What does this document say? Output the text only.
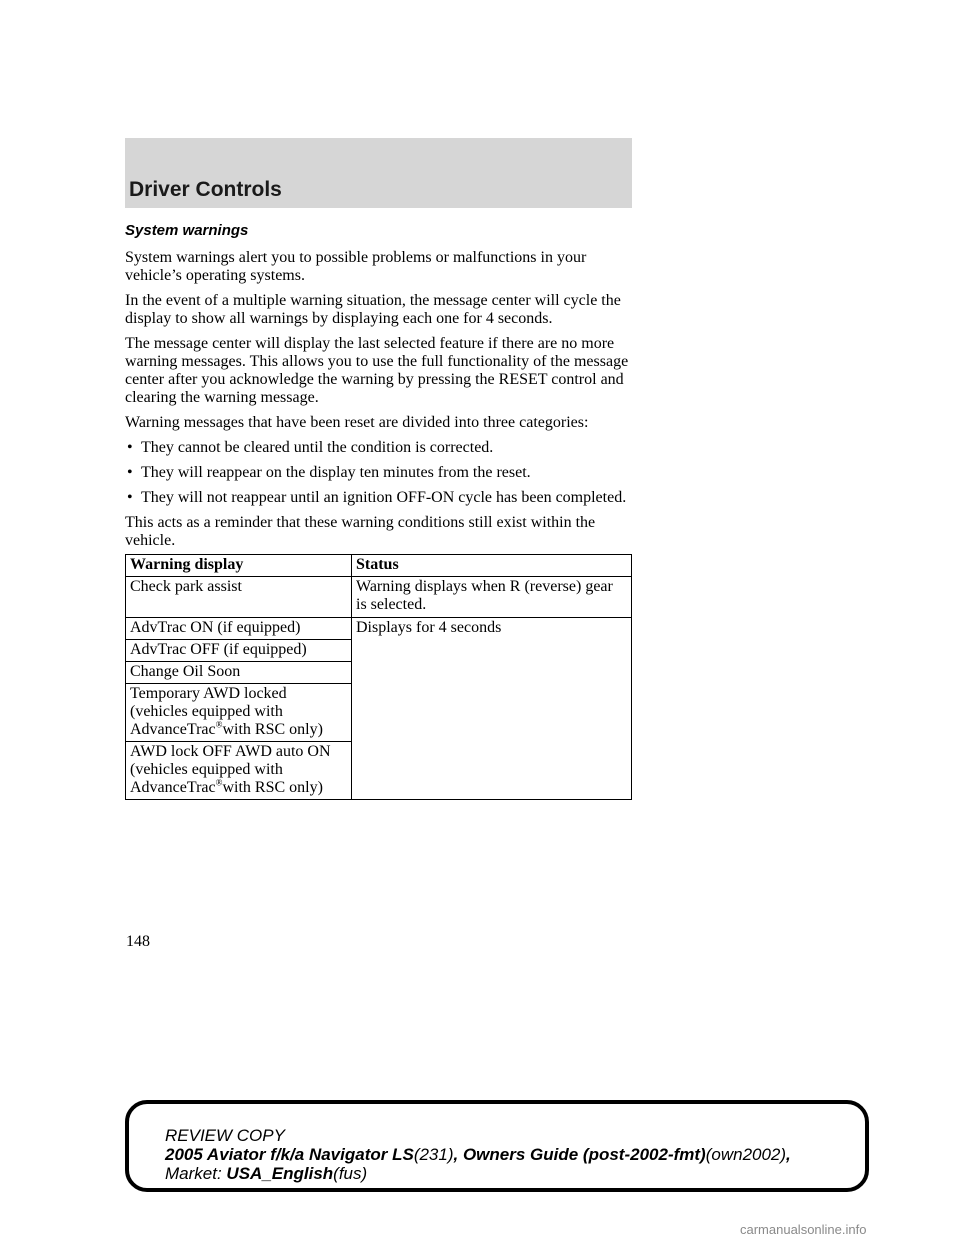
Driver Controls
System warnings

System warnings alert you to possible problems or malfunctions in your vehicle’s operating systems.

In the event of a multiple warning situation, the message center will cycle the display to show all warnings by displaying each one for 4 seconds.

The message center will display the last selected feature if there are no more warning messages. This allows you to use the full functionality of the message center after you acknowledge the warning by pressing the RESET control and clearing the warning message.

Warning messages that have been reset are divided into three categories:

• They cannot be cleared until the condition is corrected.
• They will reappear on the display ten minutes from the reset.
• They will not reappear until an ignition OFF-ON cycle has been completed.

This acts as a reminder that these warning conditions still exist within the vehicle.

Warning display	Status
Check park assist	Warning displays when R (reverse) gear is selected.
AdvTrac ON (if equipped)	Displays for 4 seconds
AdvTrac OFF (if equipped)	
Change Oil Soon	

Temporary AWD locked
(vehicles equipped with
AdvanceTrac®with RSC only)	

AWD lock OFF AWD auto ON
(vehicles equipped with
AdvanceTrac®with RSC only)	
148
REVIEW COPY
2005 Aviator f/k/a Navigator LS(231), Owners Guide (post-2002-fmt)(own2002),
Market: USA_English(fus)
carmanualsonline.info
